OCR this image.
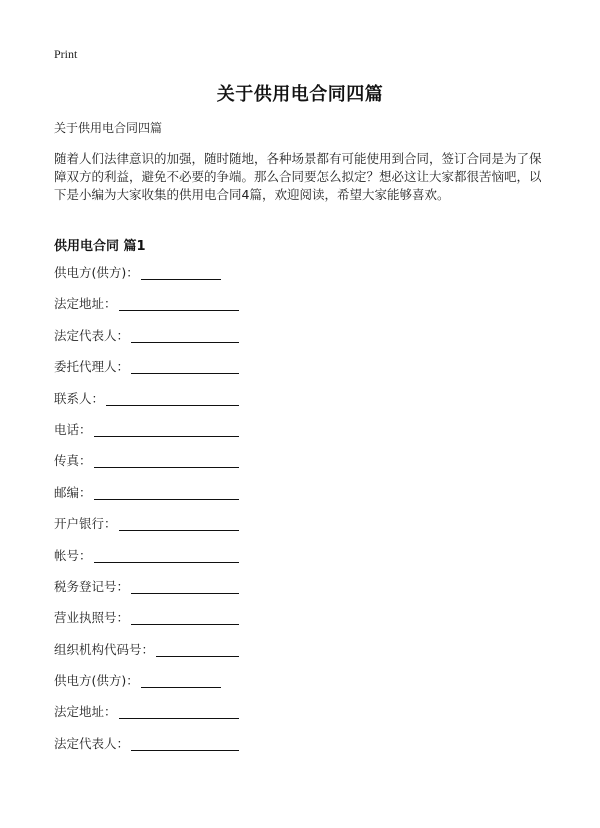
Print
关于供用电合同四篇
关于供用电合同四篇

随着人们法律意识的加强，随时随地，各种场景都有可能使用到合同，签订合同是为了保障双方的利益，避免不必要的争端。那么合同要怎么拟定？想必这让大家都很苦恼吧，以下是小编为大家收集的供用电合同4篇，欢迎阅读，希望大家能够喜欢。

供用电合同 篇1
供电方(供方)：
法定地址：
法定代表人：
委托代理人：
联系人：
电话：
传真：
邮编：
开户银行：
帐号：
税务登记号：
营业执照号：
组织机构代码号：
供电方(供方)：
法定地址：
法定代表人：
